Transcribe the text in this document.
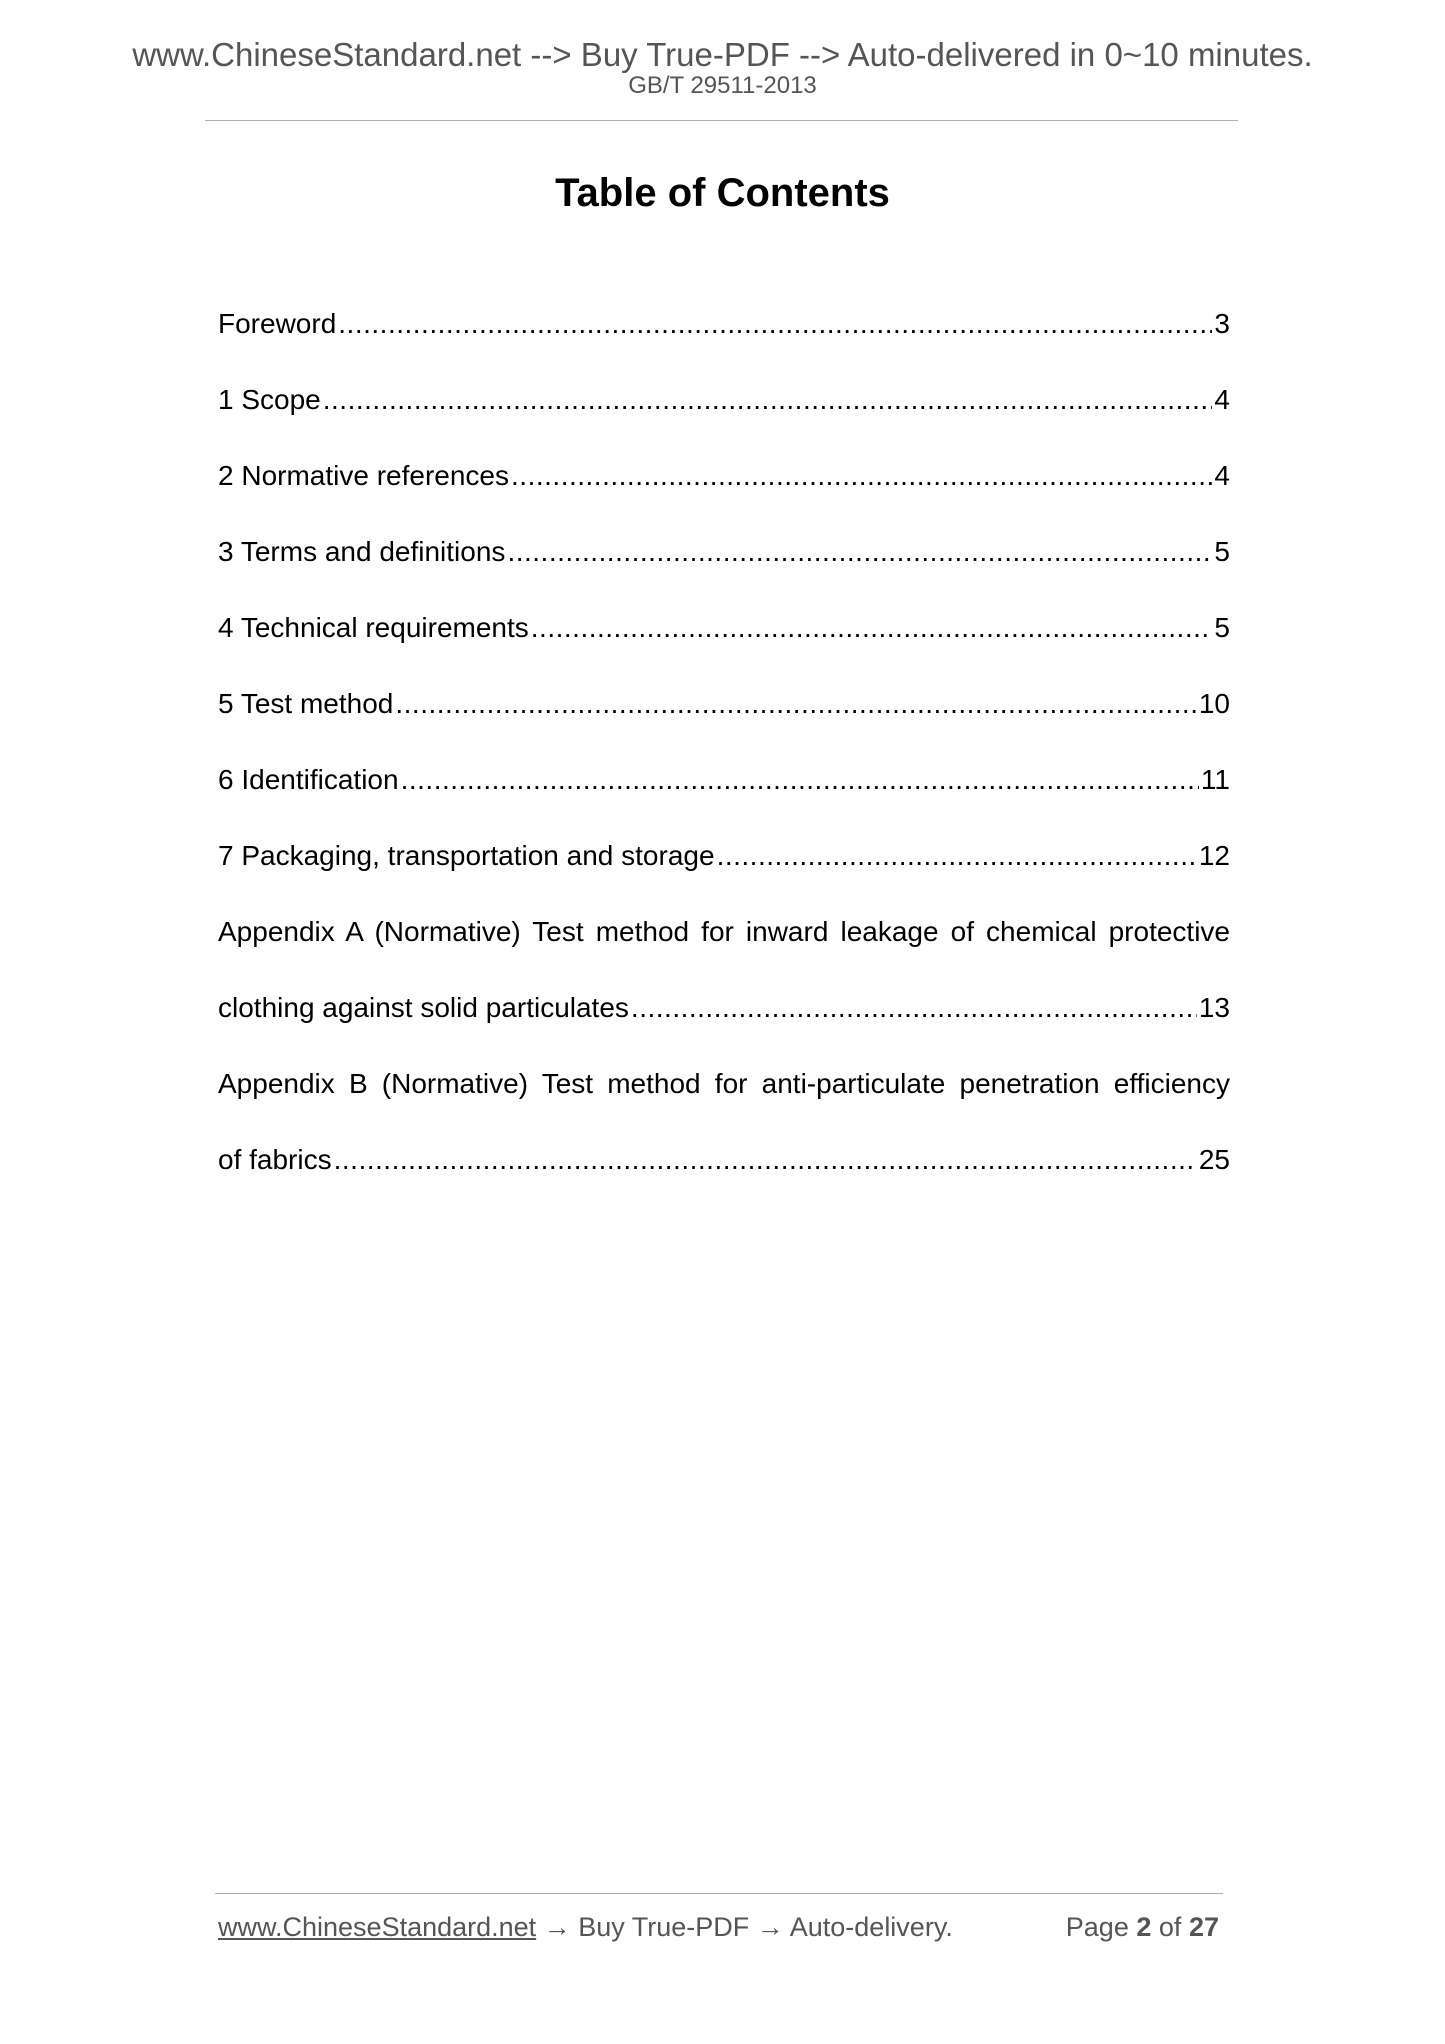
www.ChineseStandard.net --> Buy True-PDF --> Auto-delivered in 0~10 minutes.
GB/T 29511-2013
Table of Contents
Foreword .....	3
1 Scope .....	4
2 Normative references .....	4
3 Terms and definitions .....	5
4 Technical requirements .....	5
5 Test method .....	10
6 Identification .....	11
7 Packaging, transportation and storage .....	12
Appendix A (Normative) Test method for inward leakage of chemical protective
clothing against solid particulates .....	13
Appendix B (Normative) Test method for anti-particulate penetration efficiency
of fabrics .....	25
www.ChineseStandard.net → Buy True-PDF → Auto-delivery.	Page 2 of 27
